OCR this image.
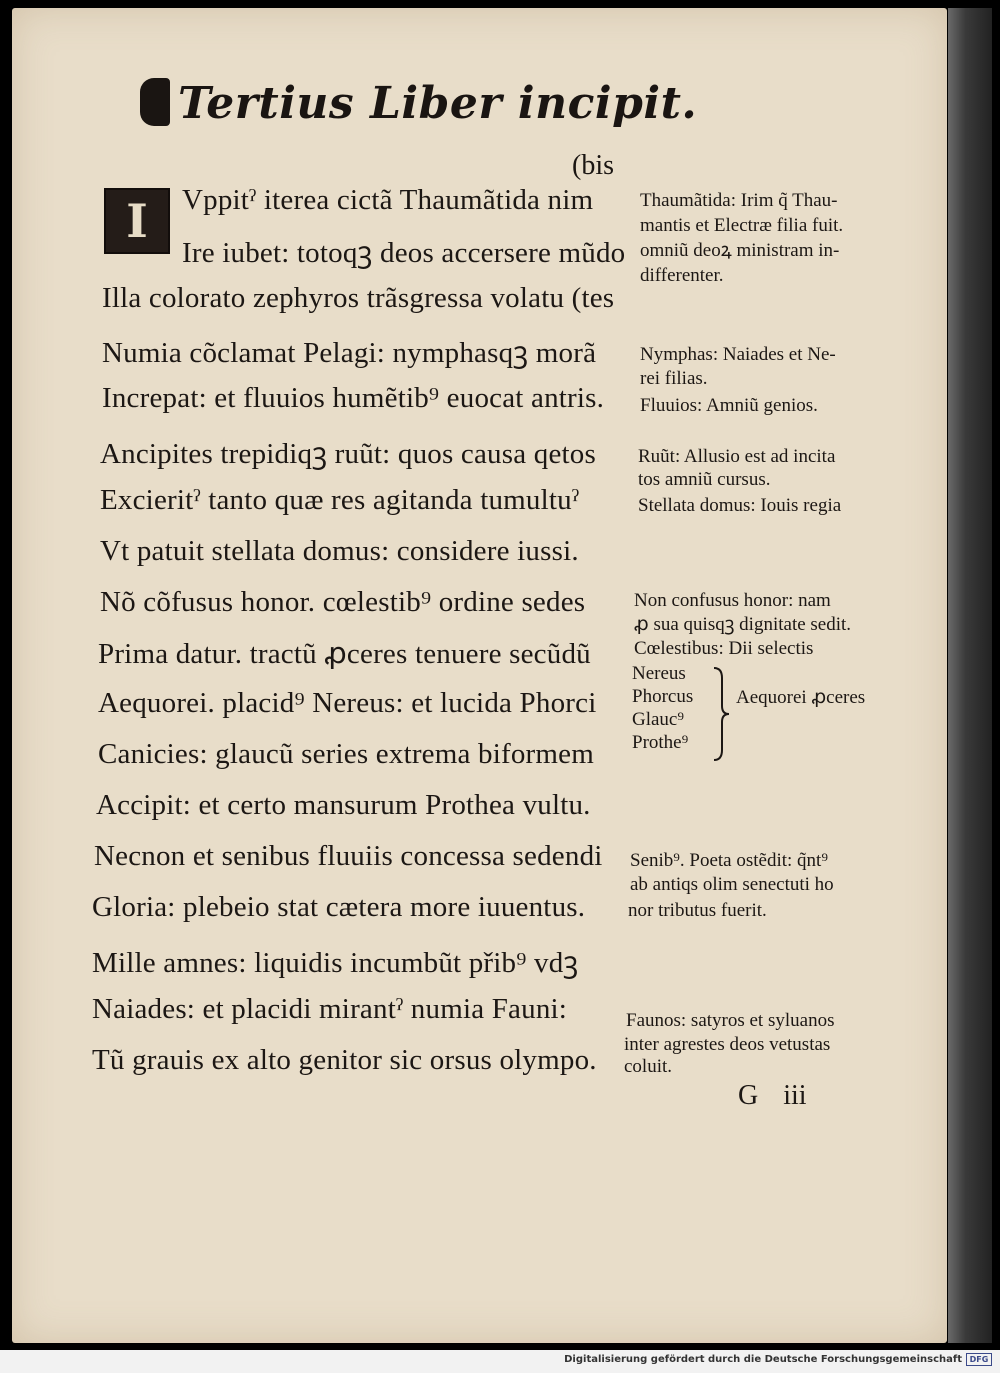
Tertius Liber incipit.
(bis
I Vppitˀ iterea cictã Thaumãtida nim
Ire iubet: totoqꝫ deos accersere mũdo
Illa colorato zephyros trãsgressa volatu (tes
Numia cõclamat Pelagi: nymphasqꝫ morã
Increpat: et fluuios humẽtib⁹ euocat antris.
Ancipites trepidiqꝫ ruũt: quos causa qetos
Excieritˀ tanto quæ res agitanda tumultuˀ
Vt patuit stellata domus: considere iussi.
Nõ cõfusus honor. cœlestib⁹ ordine sedes
Prima datur. tractũ ꝓceres tenuere secũdũ
Aequorei. placid⁹ Nereus: et lucida Phorci
Canicies: glaucũ series extrema biformem
Accipit: et certo mansurum Prothea vultu.
Necnon et senibus fluuiis concessa sedendi
Gloria: plebeio stat cætera more iuuentus.
Mille amnes: liquidis incumbũt přib⁹ vdꝫ
Naiades: et placidi mirantˀ numia Fauni:
Tũ grauis ex alto genitor sic orsus olympo.
Thaumãtida: Irim q̃ Thau-
mantis et Electræ filia fuit.
omniũ deoꝝ ministram in-
differenter.
Nymphas: Naiades et Ne-
rei filias.
Fluuios: Amniũ genios.
Ruũt: Allusio est ad incita
tos amniũ cursus.
Stellata domus: Iouis regia
Non confusus honor: nam
ꝓ sua quisqꝫ dignitate sedit.
Cœlestibus: Dii selectis
Nereus
Phorcus
Glauc⁹
Prothe⁹
Aequorei ꝓceres
Senib⁹. Poeta ostẽdit: q̃nt⁹
ab antiqs olim senectuti ho
nor tributus fuerit.
Faunos: satyros et syluanos
inter agrestes deos vetustas
coluit.
G iii
Digitalisierung gefördert durch die Deutsche Forschungsgemeinschaft DFG
